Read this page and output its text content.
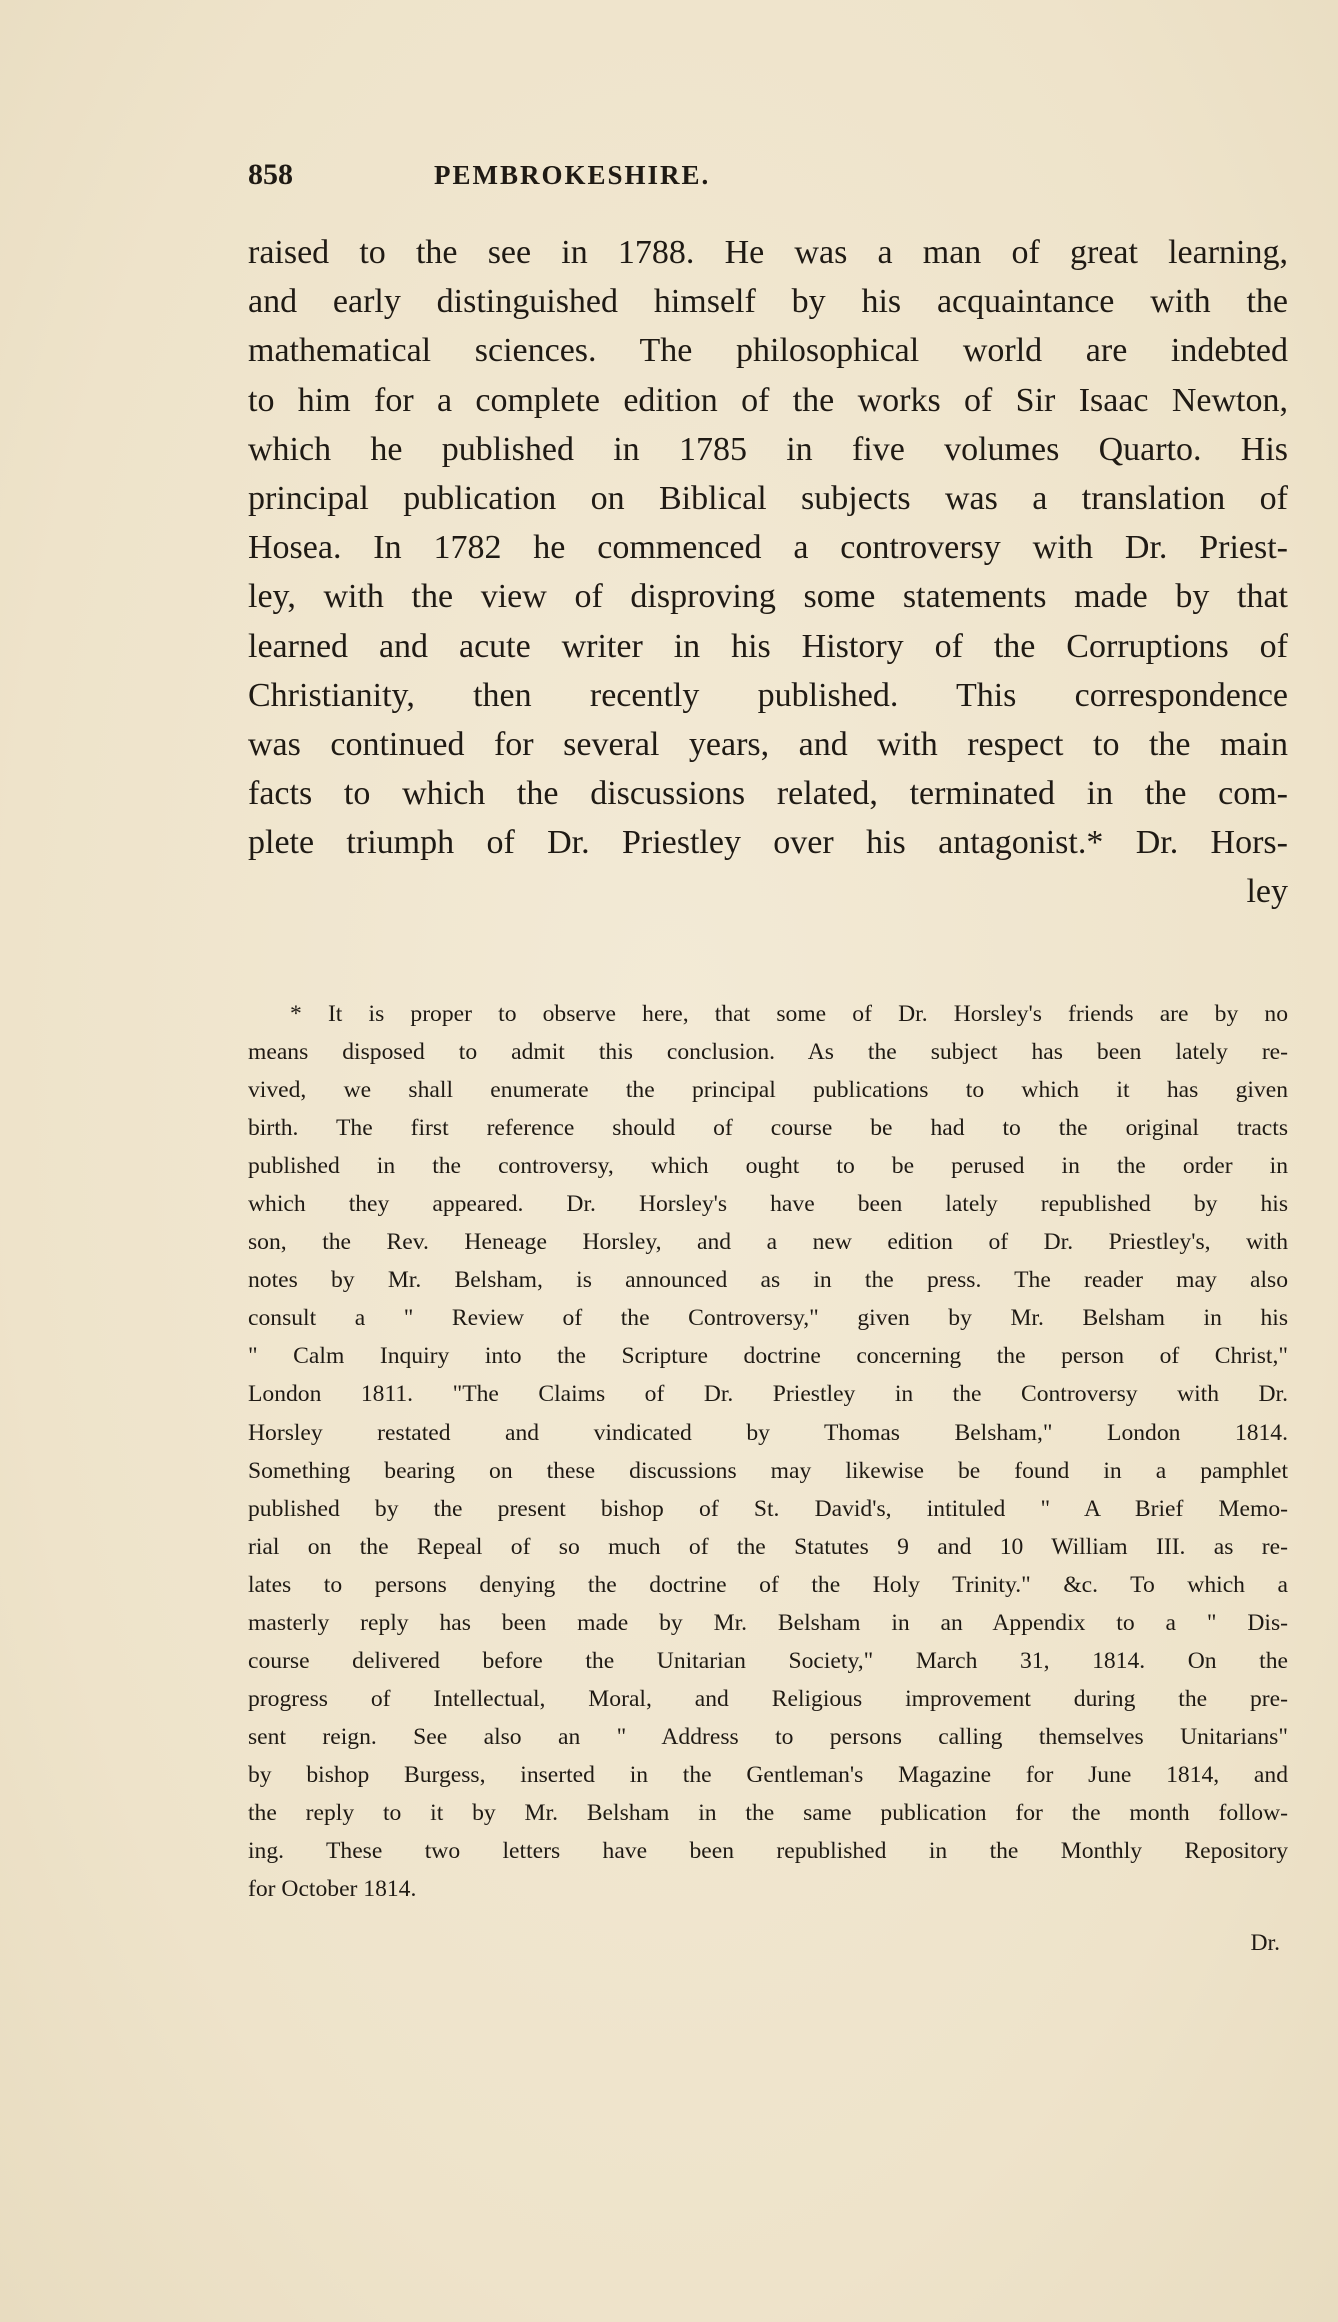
858	PEMBROKESHIRE.
raised to the see in 1788. He was a man of great learning,
and early distinguished himself by his acquaintance with the
mathematical sciences. The philosophical world are indebted
to him for a complete edition of the works of Sir Isaac Newton,
which he published in 1785 in five volumes Quarto. His
principal publication on Biblical subjects was a translation of
Hosea. In 1782 he commenced a controversy with Dr. Priest-
ley, with the view of disproving some statements made by that
learned and acute writer in his History of the Corruptions of
Christianity, then recently published. This correspondence
was continued for several years, and with respect to the main
facts to which the discussions related, terminated in the com-
plete triumph of Dr. Priestley over his antagonist.* Dr. Hors-
ley
* It is proper to observe here, that some of Dr. Horsley's friends are by no
means disposed to admit this conclusion. As the subject has been lately re-
vived, we shall enumerate the principal publications to which it has given
birth. The first reference should of course be had to the original tracts
published in the controversy, which ought to be perused in the order in
which they appeared. Dr. Horsley's have been lately republished by his
son, the Rev. Heneage Horsley, and a new edition of Dr. Priestley's, with
notes by Mr. Belsham, is announced as in the press. The reader may also
consult a " Review of the Controversy," given by Mr. Belsham in his
" Calm Inquiry into the Scripture doctrine concerning the person of Christ,"
London 1811. "The Claims of Dr. Priestley in the Controversy with Dr.
Horsley restated and vindicated by Thomas Belsham," London 1814.
Something bearing on these discussions may likewise be found in a pamphlet
published by the present bishop of St. David's, intituled " A Brief Memo-
rial on the Repeal of so much of the Statutes 9 and 10 William III. as re-
lates to persons denying the doctrine of the Holy Trinity." &c. To which a
masterly reply has been made by Mr. Belsham in an Appendix to a " Dis-
course delivered before the Unitarian Society," March 31, 1814. On the
progress of Intellectual, Moral, and Religious improvement during the pre-
sent reign. See also an " Address to persons calling themselves Unitarians"
by bishop Burgess, inserted in the Gentleman's Magazine for June 1814, and
the reply to it by Mr. Belsham in the same publication for the month follow-
ing. These two letters have been republished in the Monthly Repository
for October 1814.
Dr.
